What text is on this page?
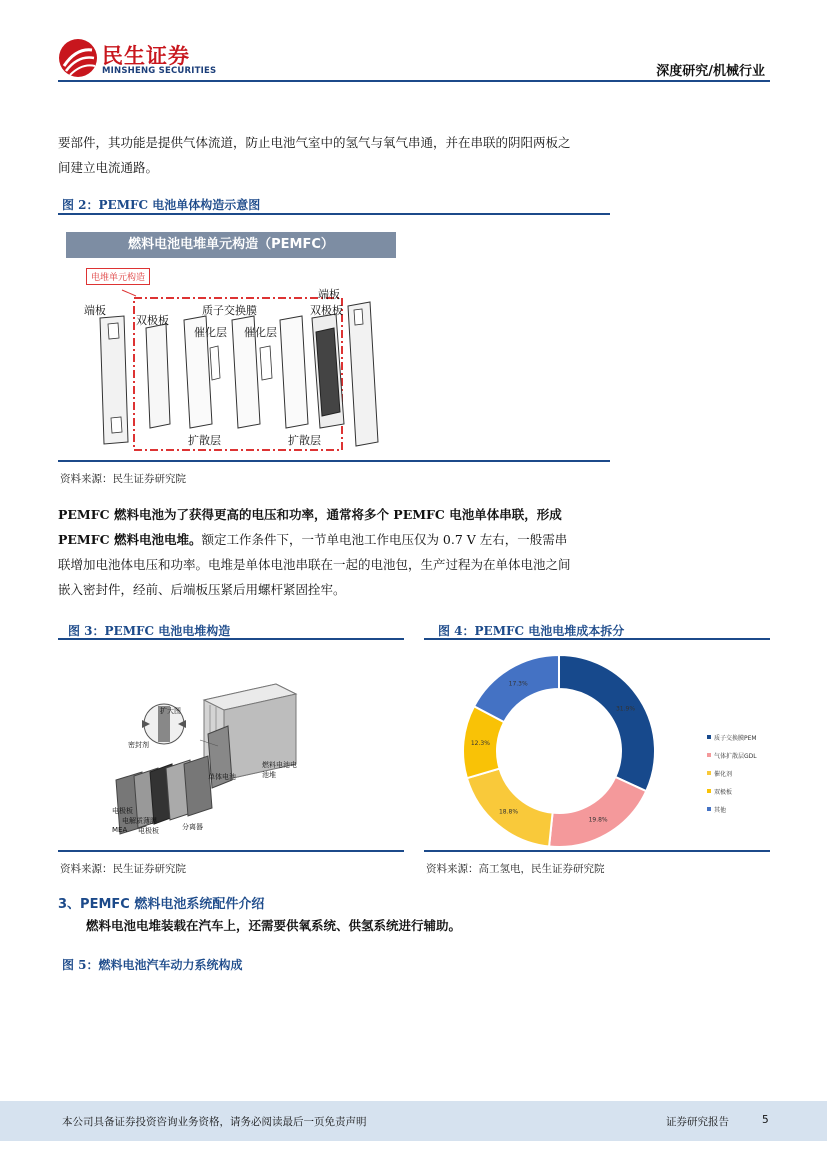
民生证券
MINSHENG SECURITIES	深度研究/机械行业
要部件，其功能是提供气体流道，防止电池气室中的氢气与氧气串通，并在串联的阴阳两板之
间建立电流通路。
图 2：PEMFC 电池单体构造示意图
燃料电池电堆单元构造（PEMFC）
电堆单元构造
端板
端板
双极板
双极板
质子交换膜
催化层 催化层
扩散层	扩散层
资料来源：民生证券研究院
PEMFC 燃料电池为了获得更高的电压和功率，通常将多个 PEMFC 电池单体串联，形成
PEMFC 燃料电池电堆。额定工作条件下，一节单电池工作电压仅为 0.7 V 左右，一般需串
联增加电池体电压和功率。电堆是单体电池串联在一起的电池包，生产过程为在单体电池之间
嵌入密封件，经前、后端板压紧后用螺杆紧固拴牢。
图 3：PEMFC 电池电堆构造
扩大图
密封剂
单体电池
燃料电池电池堆
电极板
电解质薄膜
MEA 电极板	分离器
资料来源：民生证券研究院
图 4：PEMFC 电池电堆成本拆分
31.9%
19.8%
18.8%
12.3%
17.3%
质子交换膜PEM
气体扩散层GDL
催化剂
双极板
其他
资料来源：高工氢电，民生证券研究院
3、PEMFC 燃料电池系统配件介绍
燃料电池电堆装载在汽车上，还需要供氧系统、供氢系统进行辅助。
图 5：燃料电池汽车动力系统构成
本公司具备证券投资咨询业务资格，请务必阅读最后一页免责声明	证券研究报告	5
